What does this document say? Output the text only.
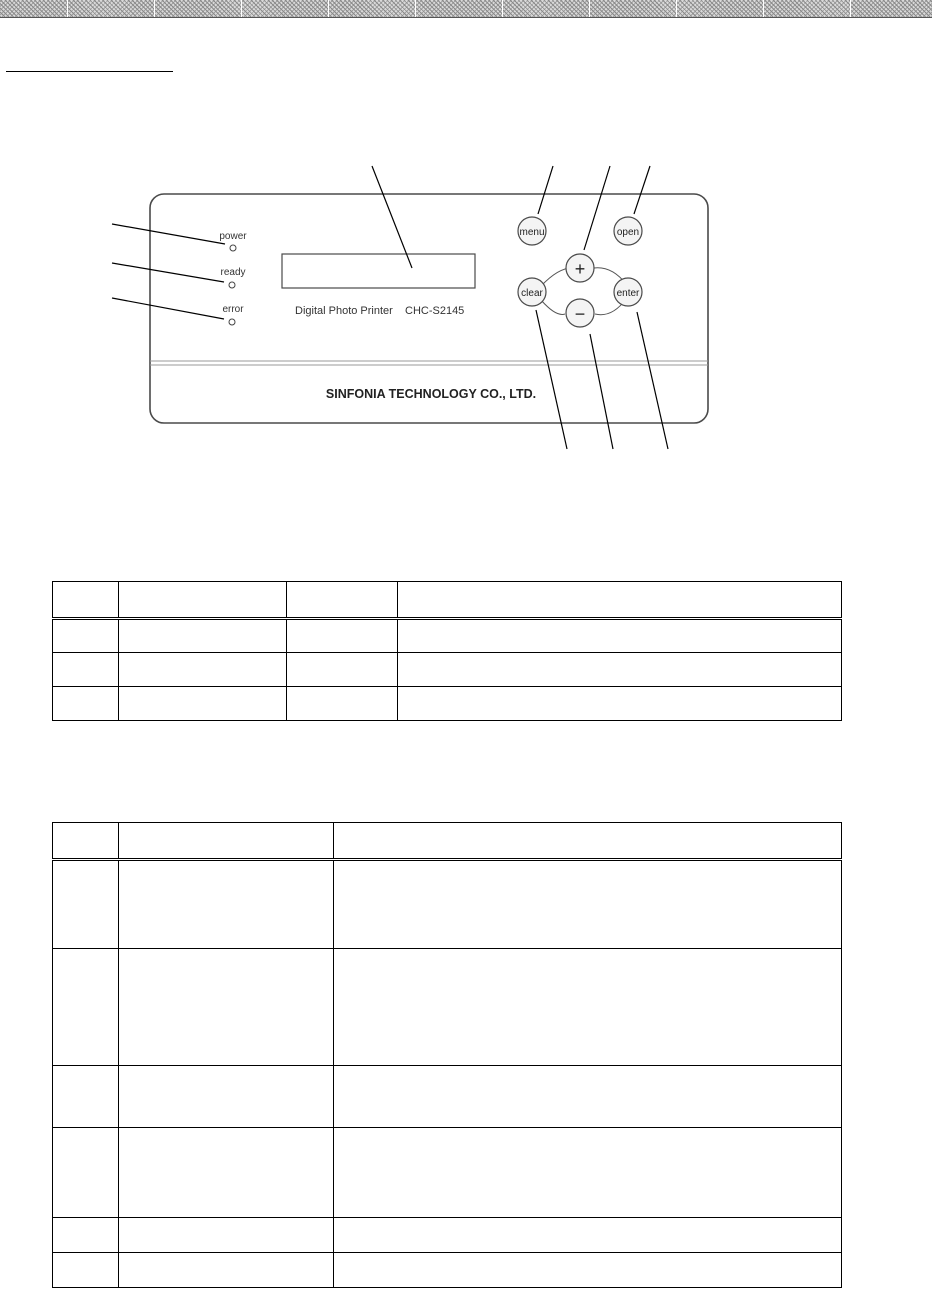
power
ready
error	Digital Photo Printer CHC-S2145
menu	open
+
clear	enter
−
SINFONIA TECHNOLOGY CO., LTD.
